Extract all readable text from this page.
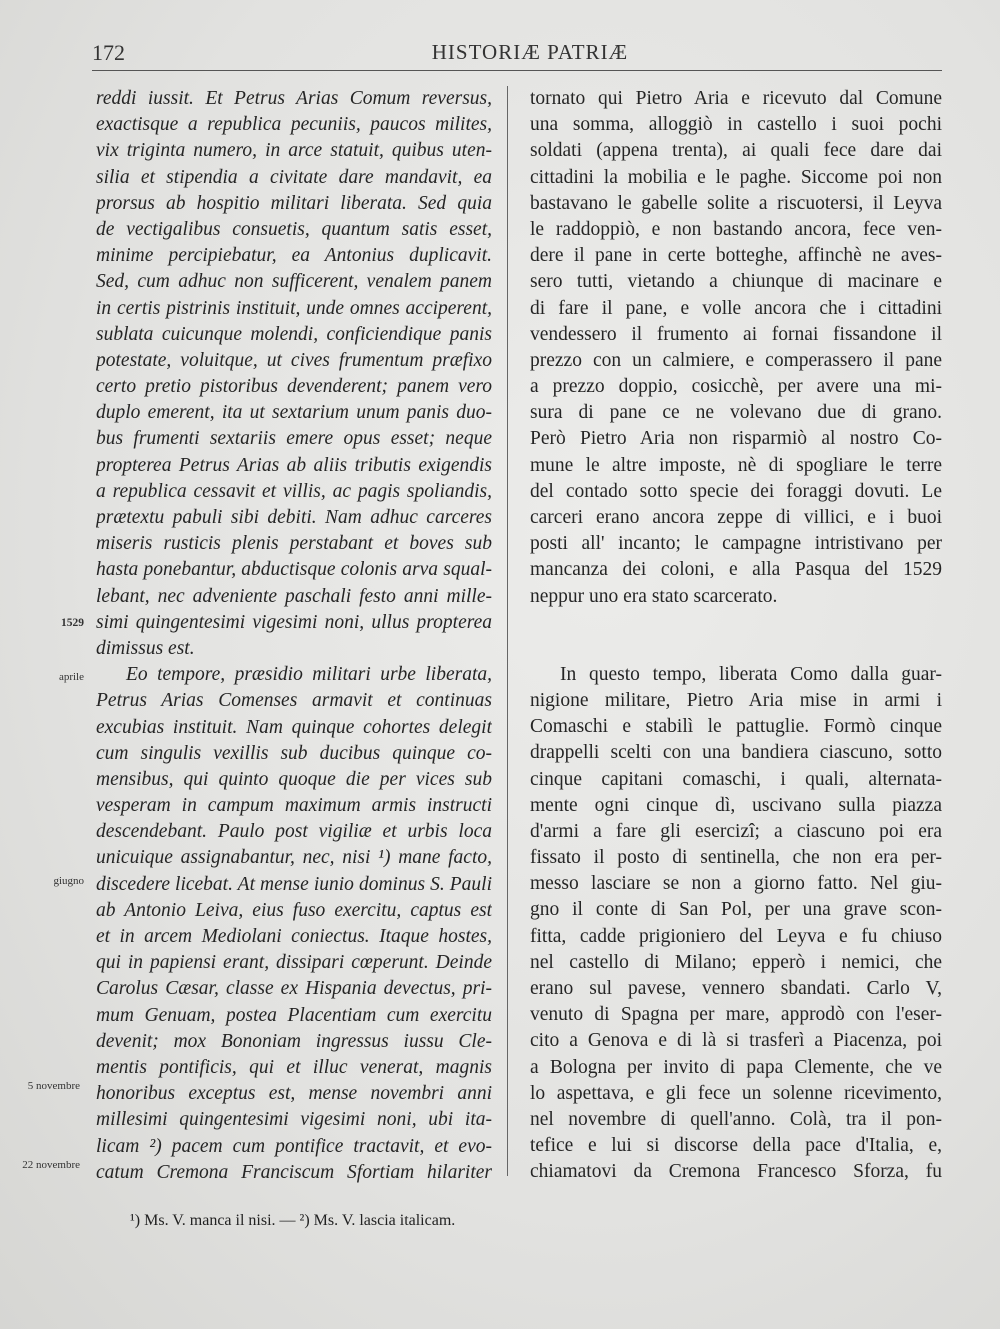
172	HISTORIÆ PATRIÆ
1529
aprile
giugno
5 novembre
22 novembre
reddi iussit. Et Petrus Arias Comum reversus,
exactisque a republica pecuniis, paucos milites,
vix triginta numero, in arce statuit, quibus uten-
silia et stipendia a civitate dare mandavit, ea
prorsus ab hospitio militari liberata. Sed quia
de vectigalibus consuetis, quantum satis esset,
minime percipiebatur, ea Antonius duplicavit.
Sed, cum adhuc non sufficerent, venalem panem
in certis pistrinis instituit, unde omnes acciperent,
sublata cuicunque molendi, conficiendique panis
potestate, voluitque, ut cives frumentum præfixo
certo pretio pistoribus devenderent; panem vero
duplo emerent, ita ut sextarium unum panis duo-
bus frumenti sextariis emere opus esset; neque
propterea Petrus Arias ab aliis tributis exigendis
a republica cessavit et villis, ac pagis spoliandis,
prætextu pabuli sibi debiti. Nam adhuc carceres
miseris rusticis plenis perstabant et boves sub
hasta ponebantur, abductisque colonis arva squal-
lebant, nec adveniente paschali festo anni mille-
simi quingentesimi vigesimi noni, ullus propterea
dimissus est.
Eo tempore, præsidio militari urbe liberata,
Petrus Arias Comenses armavit et continuas
excubias instituit. Nam quinque cohortes delegit
cum singulis vexillis sub ducibus quinque co-
mensibus, qui quinto quoque die per vices sub
vesperam in campum maximum armis instructi
descendebant. Paulo post vigiliæ et urbis loca
unicuique assignabantur, nec, nisi ¹) mane facto,
discedere licebat. At mense iunio dominus S. Pauli
ab Antonio Leiva, eius fuso exercitu, captus est
et in arcem Mediolani coniectus. Itaque hostes,
qui in papiensi erant, dissipari cœperunt. Deinde
Carolus Cæsar, classe ex Hispania devectus, pri-
mum Genuam, postea Placentiam cum exercitu
devenit; mox Bononiam ingressus iussu Cle-
mentis pontificis, qui et illuc venerat, magnis
honoribus exceptus est, mense novembri anni
millesimi quingentesimi vigesimi noni, ubi ita-
licam ²) pacem cum pontifice tractavit, et evo-
catum Cremona Franciscum Sfortiam hilariter
tornato qui Pietro Aria e ricevuto dal Comune
una somma, alloggiò in castello i suoi pochi
soldati (appena trenta), ai quali fece dare dai
cittadini la mobilia e le paghe. Siccome poi non
bastavano le gabelle solite a riscuotersi, il Leyva
le raddoppiò, e non bastando ancora, fece ven-
dere il pane in certe botteghe, affinchè ne aves-
sero tutti, vietando a chiunque di macinare e
di fare il pane, e volle ancora che i cittadini
vendessero il frumento ai fornai fissandone il
prezzo con un calmiere, e comperassero il pane
a prezzo doppio, cosicchè, per avere una mi-
sura di pane ce ne volevano due di grano.
Però Pietro Aria non risparmiò al nostro Co-
mune le altre imposte, nè di spogliare le terre
del contado sotto specie dei foraggi dovuti. Le
carceri erano ancora zeppe di villici, e i buoi
posti all' incanto; le campagne intristivano per
mancanza dei coloni, e alla Pasqua del 1529
neppur uno era stato scarcerato.
In questo tempo, liberata Como dalla guar-
nigione militare, Pietro Aria mise in armi i
Comaschi e stabilì le pattuglie. Formò cinque
drappelli scelti con una bandiera ciascuno, sotto
cinque capitani comaschi, i quali, alternata-
mente ogni cinque dì, uscivano sulla piazza
d'armi a fare gli esercizî; a ciascuno poi era
fissato il posto di sentinella, che non era per-
messo lasciare se non a giorno fatto. Nel giu-
gno il conte di San Pol, per una grave scon-
fitta, cadde prigioniero del Leyva e fu chiuso
nel castello di Milano; epperò i nemici, che
erano sul pavese, vennero sbandati. Carlo V,
venuto di Spagna per mare, approdò con l'eser-
cito a Genova e di là si trasferì a Piacenza, poi
a Bologna per invito di papa Clemente, che ve
lo aspettava, e gli fece un solenne ricevimento,
nel novembre di quell'anno. Colà, tra il pon-
tefice e lui si discorse della pace d'Italia, e,
chiamatovi da Cremona Francesco Sforza, fu
¹) Ms. V. manca il nisi. — ²) Ms. V. lascia italicam.
